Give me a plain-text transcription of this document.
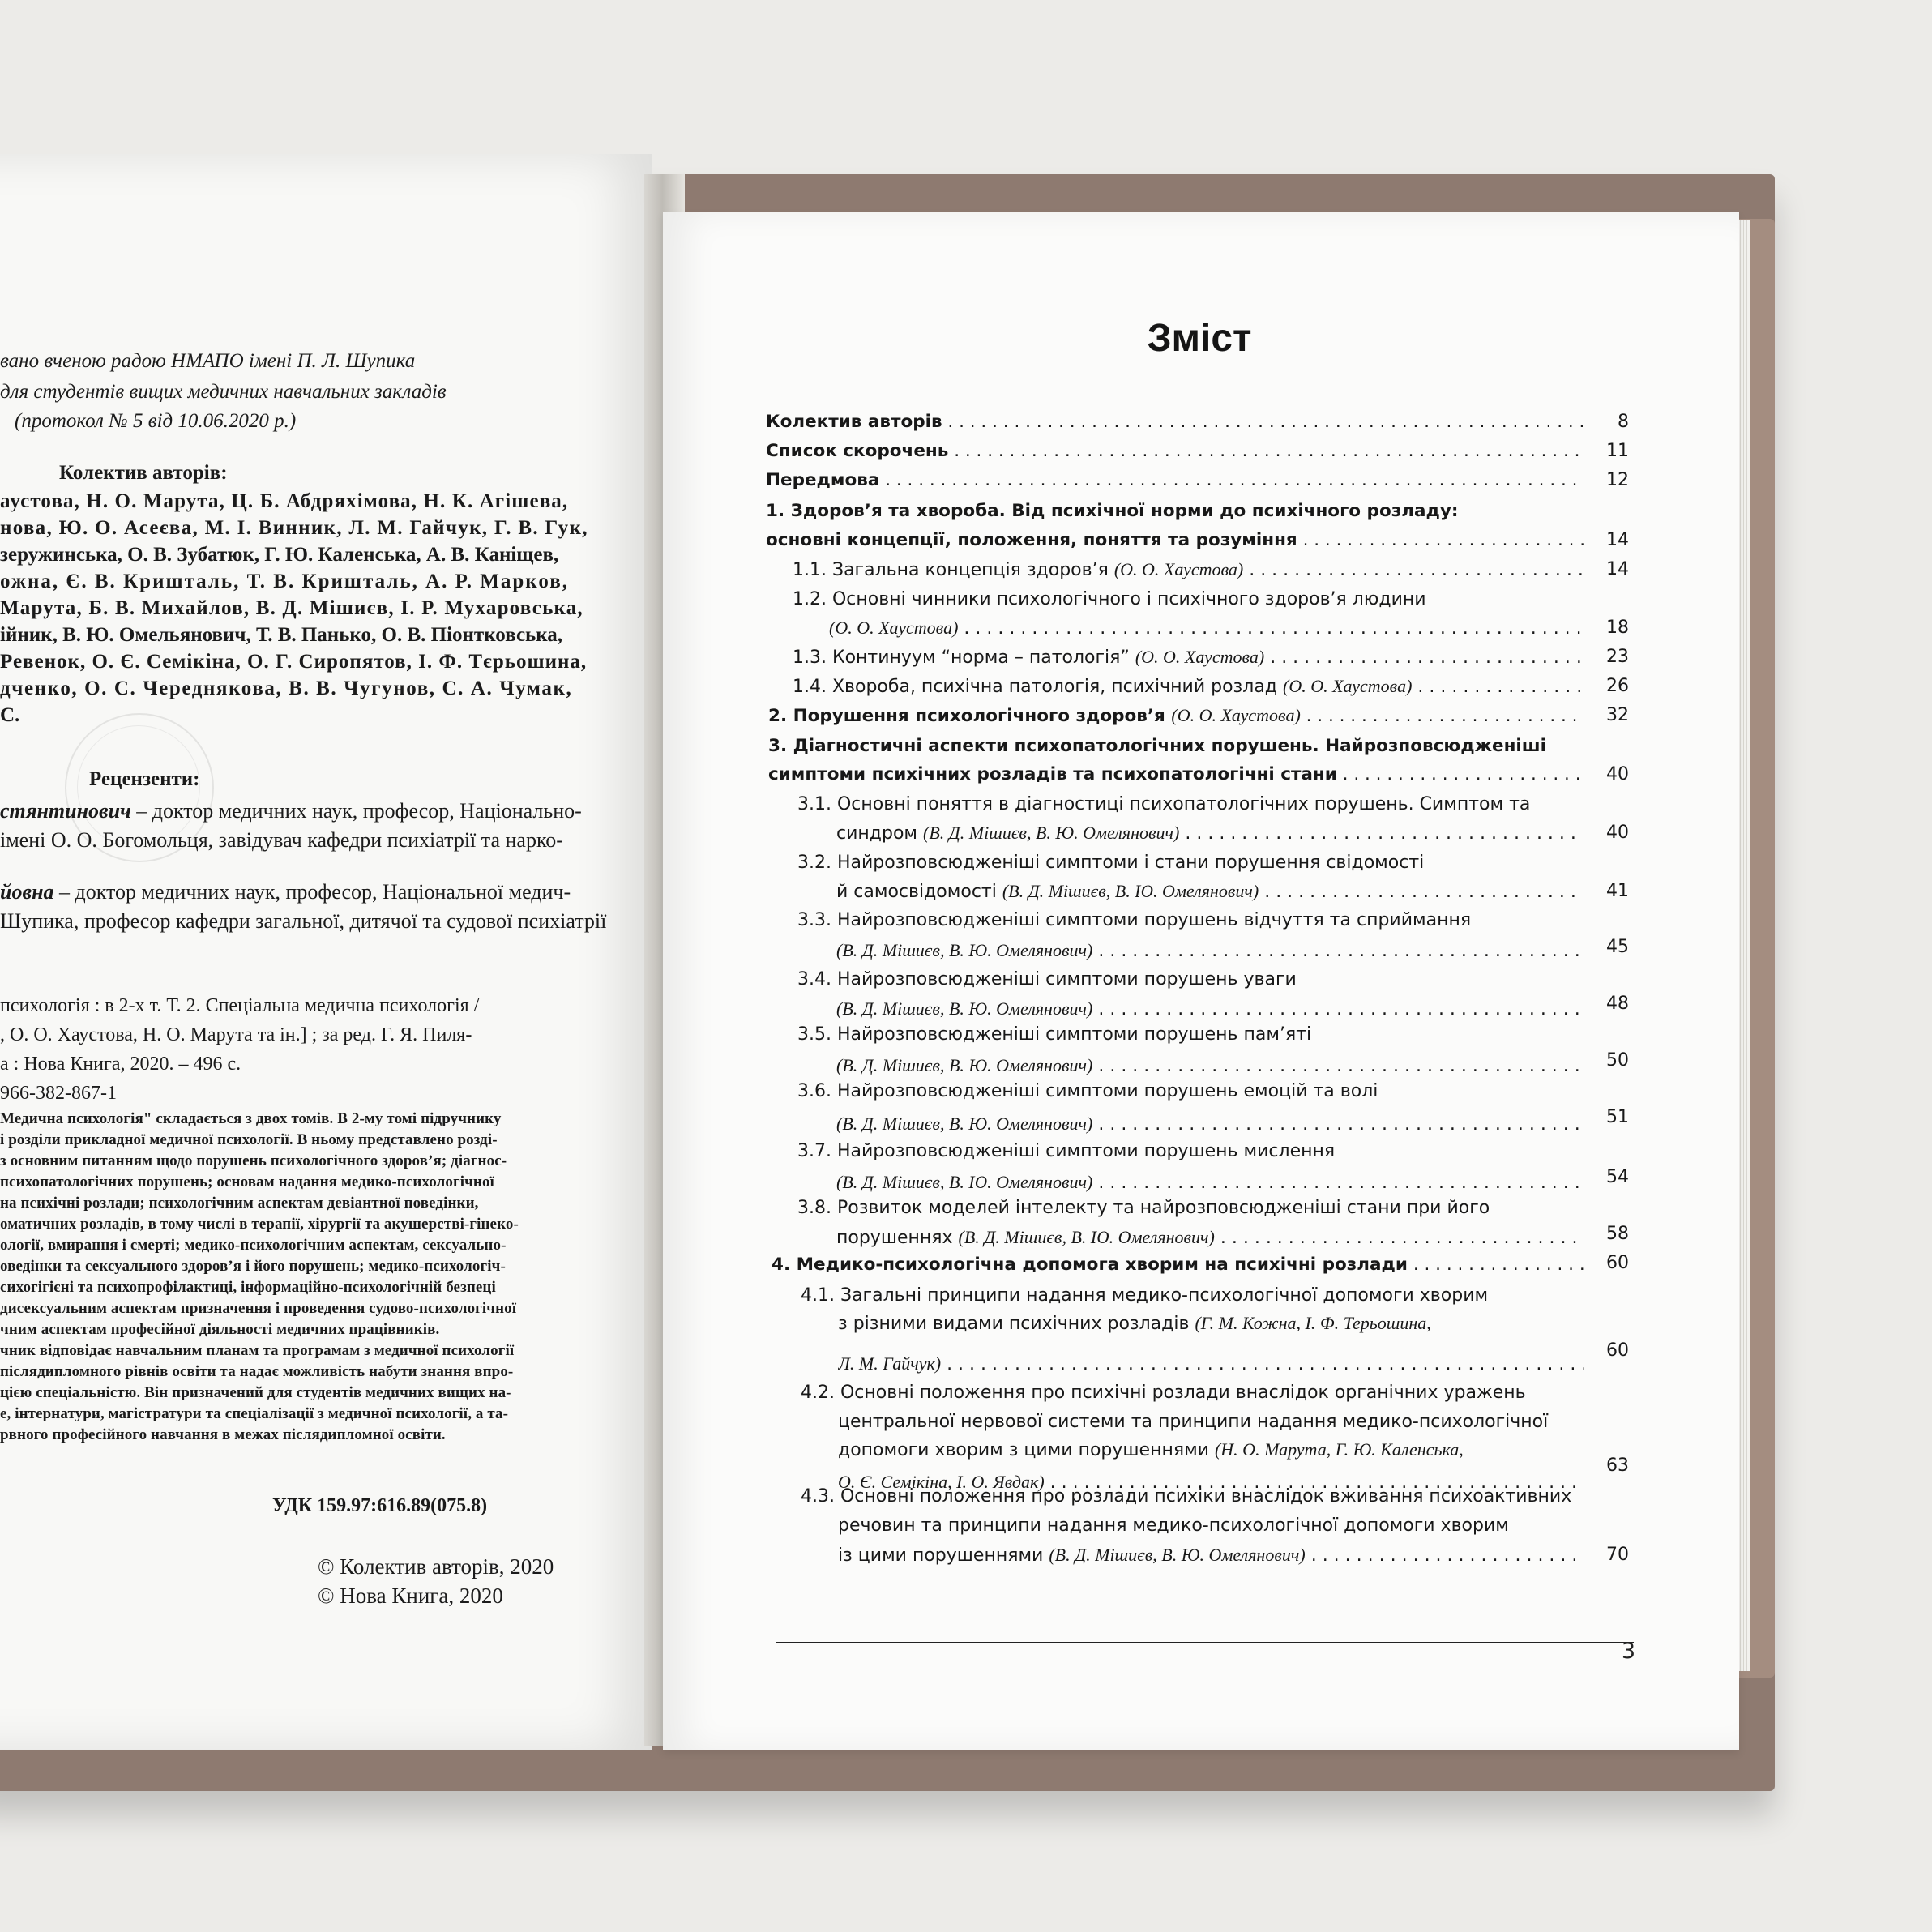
вано вченою радою НМАПО імені П. Л. Шупика
для студентів вищих медичних навчальних закладів
(протокол № 5 від 10.06.2020 р.)
Колектив авторів:
аустова, Н. О. Марута, Ц. Б. Абдряхімова, Н. К. Агішева,
нова, Ю. О. Асеєва, М. І. Винник, Л. М. Гайчук, Г. В. Гук,
зеружинська, О. В. Зубатюк, Г. Ю. Каленська, А. В. Каніщев,
ожна, Є. В. Кришталь, Т. В. Кришталь, А. Р. Марков,
Марута, Б. В. Михайлов, В. Д. Мішиєв, І. Р. Мухаровська,
ійник, В. Ю. Омельянович, Т. В. Панько, О. В. Піонтковська,
Ревенок, О. Є. Семікіна, О. Г. Сиропятов, І. Ф. Тєрьошина,
дченко, О. С. Череднякова, В. В. Чугунов, С. А. Чумак,
С.
Рецензенти:
стянтинович – доктор медичних наук, професор, Національно-
імені О. О. Богомольця, завідувач кафедри психіатрії та нарко-
йовна – доктор медичних наук, професор, Національної медич-
Шупика, професор кафедри загальної, дитячої та судової психіатрії
психологія : в 2-х т. Т. 2. Спеціальна медична психологія /
, О. О. Хаустова, Н. О. Марута та ін.] ; за ред. Г. Я. Пиля-
а : Нова Книга, 2020. – 496 с.
966-382-867-1
Медична психологія" складається з двох томів. В 2-му томі підручнику
і розділи прикладної медичної психології. В ньому представлено розді-
з основним питанням щодо порушень психологічного здоров’я; діагнос-
психопатологічних порушень; основам надання медико-психологічної
на психічні розлади; психологічним аспектам девіантної поведінки,
оматичних розладів, в тому числі в терапії, хірургії та акушерстві-гінеко-
ології, вмирання і смерті; медико-психологічним аспектам, сексуально-
оведінки та сексуального здоров’я і його порушень; медико-психологіч-
сихогігієні та психопрофілактиці, інформаційно-психологічній безпеці
дисексуальним аспектам призначення і проведення судово-психологічної
чним аспектам професійної діяльності медичних працівників.
чник відповідає навчальним планам та програмам з медичної психології
післядипломного рівнів освіти та надає можливість набути знання впро-
цією спеціальністю. Він призначений для студентів медичних вищих на-
е, інтернатури, магістратури та спеціалізації з медичної психології, а та-
рвного професійного навчання в межах післядипломної освіти.
УДК 159.97:616.89(075.8)
© Колектив авторів, 2020
© Нова Книга, 2020
Зміст
Колектив авторів . . .	8
Список скорочень . . .	11
Передмова . . .	12
1. Здоров’я та хвороба. Від психічної норми до психічного розладу:
основні концепції, положення, поняття та розуміння . . .	14
1.1. Загальна концепція здоров’я (О. О. Хаустова) . . .	14
1.2. Основні чинники психологічного і психічного здоров’я людини
(О. О. Хаустова) . . .	18
1.3. Континуум “норма – патологія” (О. О. Хаустова) . . .	23
1.4. Хвороба, психічна патологія, психічний розлад (О. О. Хаустова) . . .	26
2. Порушення психологічного здоров’я (О. О. Хаустова) . . .	32
3. Діагностичні аспекти психопатологічних порушень. Найрозповсюдженіші
симптоми психічних розладів та психопатологічні стани . . .	40
3.1. Основні поняття в діагностиці психопатологічних порушень. Симптом та
синдром (В. Д. Мішиєв, В. Ю. Омелянович) . . .	40
3.2. Найрозповсюдженіші симптоми і стани порушення свідомості
й самосвідомості (В. Д. Мішиєв, В. Ю. Омелянович) . . .	41
3.3. Найрозповсюдженіші симптоми порушень відчуття та сприймання
(В. Д. Мішиєв, В. Ю. Омелянович) . . .	45
3.4. Найрозповсюдженіші симптоми порушень уваги
(В. Д. Мішиєв, В. Ю. Омелянович) . . .	48
3.5. Найрозповсюдженіші симптоми порушень пам’яті
(В. Д. Мішиєв, В. Ю. Омелянович) . . .	50
3.6. Найрозповсюдженіші симптоми порушень емоцій та волі
(В. Д. Мішиєв, В. Ю. Омелянович) . . .	51
3.7. Найрозповсюдженіші симптоми порушень мислення
(В. Д. Мішиєв, В. Ю. Омелянович) . . .	54
3.8. Розвиток моделей інтелекту та найрозповсюдженіші стани при його
порушеннях (В. Д. Мішиєв, В. Ю. Омелянович) . . .	58
4. Медико-психологічна допомога хворим на психічні розлади . . .	60
4.1. Загальні принципи надання медико-психологічної допомоги хворим
з різними видами психічних розладів (Г. М. Кожна, І. Ф. Терьошина,
Л. М. Гайчук) . . .
60
4.2. Основні положення про психічні розлади внаслідок органічних уражень
центральної нервової системи та принципи надання медико-психологічної
допомоги хворим з цими порушеннями (Н. О. Марута, Г. Ю. Каленська,
О. Є. Семікіна, І. О. Явдак) . . .
63
4.3. Основні положення про розлади психіки внаслідок вживання психоактивних
речовин та принципи надання медико-психологічної допомоги хворим
із цими порушеннями (В. Д. Мішиєв, В. Ю. Омелянович) . . .	70
3
